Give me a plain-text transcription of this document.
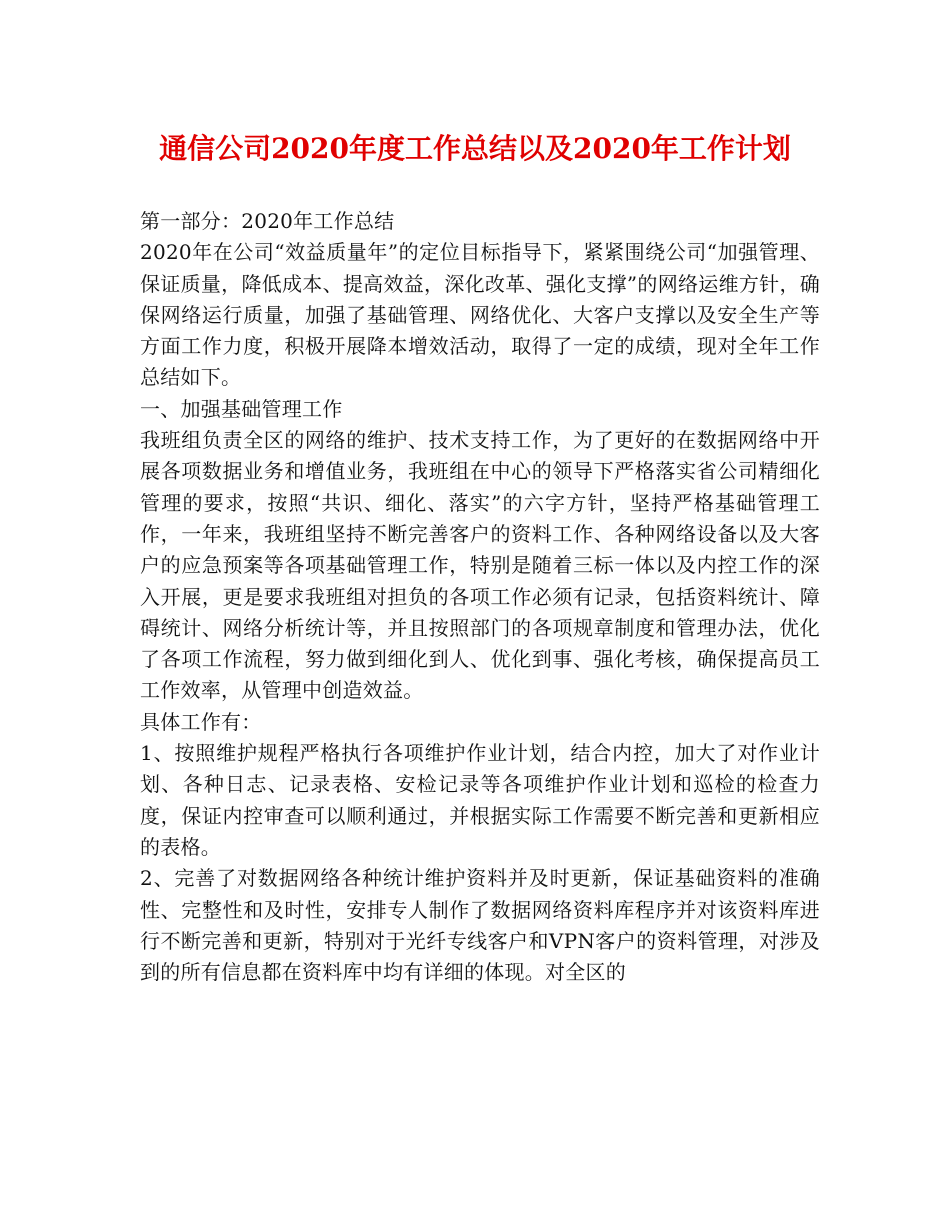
通信公司2020年度工作总结以及2020年工作计划

第一部分：2020年工作总结

2020年在公司“效益质量年”的定位目标指导下，紧紧围绕公司“加强管理、保证质量，降低成本、提高效益，深化改革、强化支撑”的网络运维方针，确保网络运行质量，加强了基础管理、网络优化、大客户支撑以及安全生产等方面工作力度，积极开展降本增效活动，取得了一定的成绩，现对全年工作总结如下。

一、加强基础管理工作

我班组负责全区的网络的维护、技术支持工作，为了更好的在数据网络中开展各项数据业务和增值业务，我班组在中心的领导下严格落实省公司精细化管理的要求，按照“共识、细化、落实”的六字方针，坚持严格基础管理工作，一年来，我班组坚持不断完善客户的资料工作、各种网络设备以及大客户的应急预案等各项基础管理工作，特别是随着三标一体以及内控工作的深入开展，更是要求我班组对担负的各项工作必须有记录，包括资料统计、障碍统计、网络分析统计等，并且按照部门的各项规章制度和管理办法，优化了各项工作流程，努力做到细化到人、优化到事、强化考核，确保提高员工工作效率，从管理中创造效益。

具体工作有：

1、按照维护规程严格执行各项维护作业计划，结合内控，加大了对作业计划、各种日志、记录表格、安检记录等各项维护作业计划和巡检的检查力度，保证内控审查可以顺利通过，并根据实际工作需要不断完善和更新相应的表格。

2、完善了对数据网络各种统计维护资料并及时更新，保证基础资料的准确性、完整性和及时性，安排专人制作了数据网络资料库程序并对该资料库进行不断完善和更新，特别对于光纤专线客户和VPN客户的资料管理，对涉及到的所有信息都在资料库中均有详细的体现。对全区的
